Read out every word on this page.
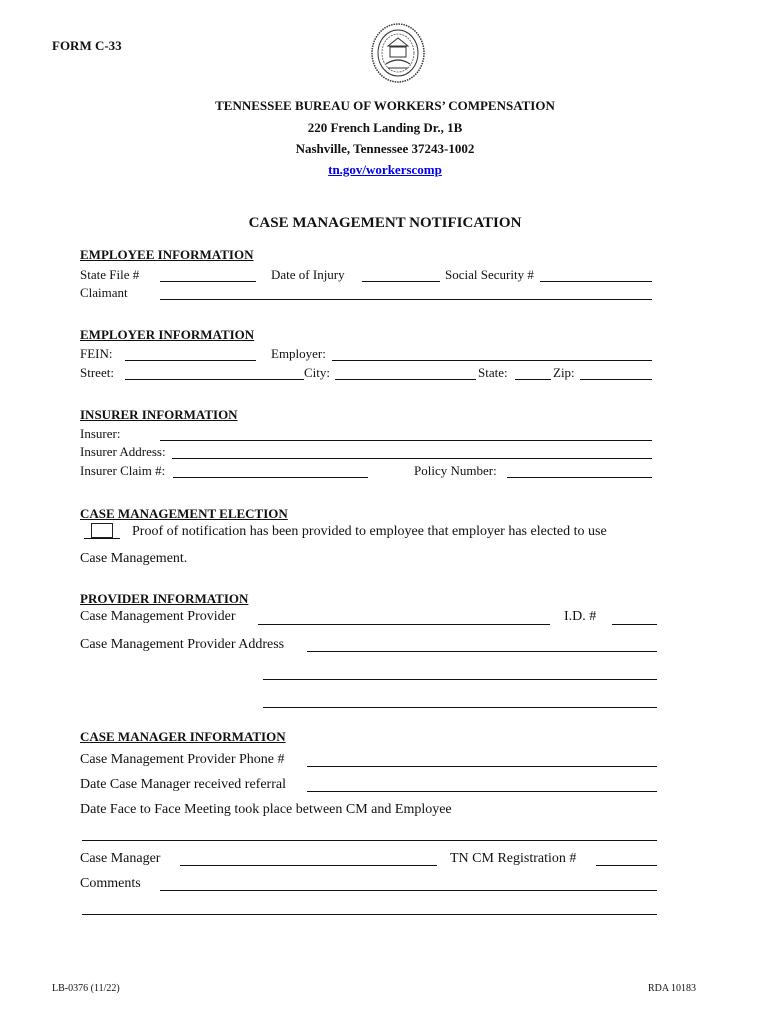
FORM C-33
TENNESSEE BUREAU OF WORKERS’ COMPENSATION
220 French Landing Dr., 1B
Nashville, Tennessee 37243-1002
tn.gov/workerscomp
CASE MANAGEMENT NOTIFICATION
EMPLOYEE INFORMATION
State File #	Date of Injury	Social Security #
Claimant
EMPLOYER INFORMATION
FEIN:	Employer:
Street:	City:	State:	Zip:
INSURER INFORMATION
Insurer:
Insurer Address:
Insurer Claim #:	Policy Number:
CASE MANAGEMENT ELECTION
Proof of notification has been provided to employee that employer has elected to use
Case Management.
PROVIDER INFORMATION
Case Management Provider	I.D. #
Case Management Provider Address
CASE MANAGER INFORMATION
Case Management Provider Phone #
Date Case Manager received referral
Date Face to Face Meeting took place between CM and Employee
Case Manager	TN CM Registration #
Comments
LB-0376 (11/22)	RDA 10183
